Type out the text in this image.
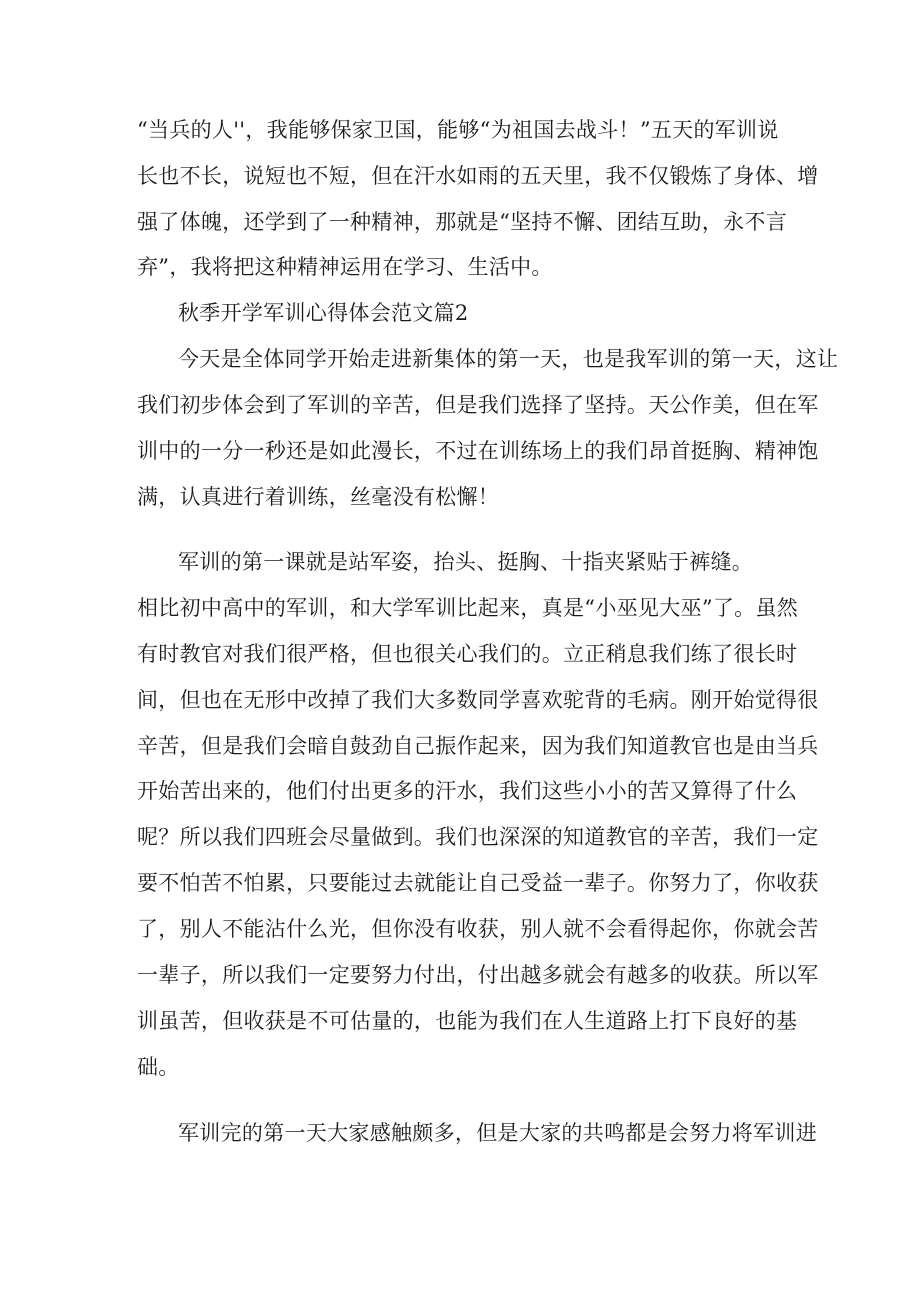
“当兵的人''，我能够保家卫国，能够“为祖国去战斗！”五天的军训说

长也不长，说短也不短，但在汗水如雨的五天里，我不仅锻炼了身体、增

强了体魄，还学到了一种精神，那就是“坚持不懈、团结互助，永不言

弃”，我将把这种精神运用在学习、生活中。

秋季开学军训心得体会范文篇2

今天是全体同学开始走进新集体的第一天，也是我军训的第一天，这让

我们初步体会到了军训的辛苦，但是我们选择了坚持。天公作美，但在军

训中的一分一秒还是如此漫长，不过在训练场上的我们昂首挺胸、精神饱

满，认真进行着训练，丝毫没有松懈！

军训的第一课就是站军姿，抬头、挺胸、十指夹紧贴于裤缝。

相比初中高中的军训，和大学军训比起来，真是“小巫见大巫”了。虽然

有时教官对我们很严格，但也很关心我们的。立正稍息我们练了很长时

间，但也在无形中改掉了我们大多数同学喜欢驼背的毛病。刚开始觉得很

辛苦，但是我们会暗自鼓劲自己振作起来，因为我们知道教官也是由当兵

开始苦出来的，他们付出更多的汗水，我们这些小小的苦又算得了什么

呢？所以我们四班会尽量做到。我们也深深的知道教官的辛苦，我们一定

要不怕苦不怕累，只要能过去就能让自己受益一辈子。你努力了，你收获

了，别人不能沾什么光，但你没有收获，别人就不会看得起你，你就会苦

一辈子，所以我们一定要努力付出，付出越多就会有越多的收获。所以军

训虽苦，但收获是不可估量的，也能为我们在人生道路上打下良好的基

础。

军训完的第一天大家感触颇多，但是大家的共鸣都是会努力将军训进
